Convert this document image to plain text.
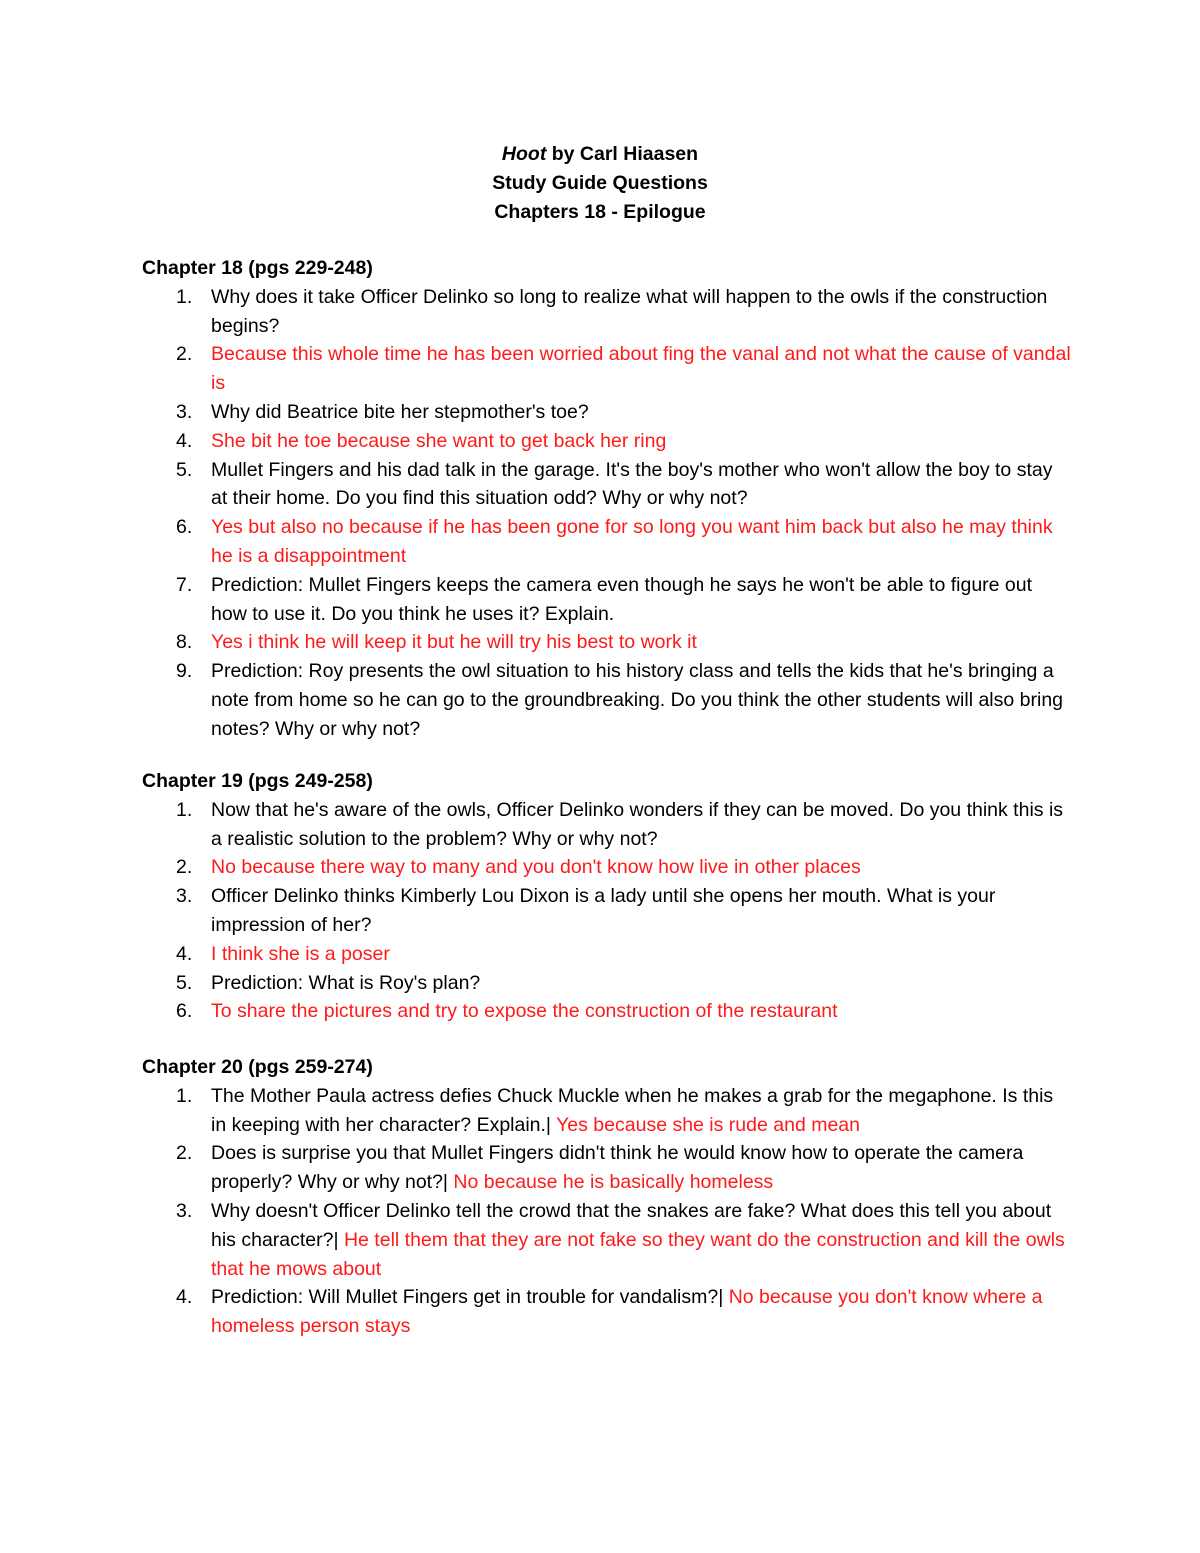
Hoot by Carl Hiaasen
Study Guide Questions
Chapters 18 - Epilogue
Chapter 18 (pgs 229-248)
1. Why does it take Officer Delinko so long to realize what will happen to the owls if the construction begins?
2. Because this whole time he has been worried about fing the vanal and not what the cause of vandal is
3. Why did Beatrice bite her stepmother's toe?
4. She bit he toe because she want to get back her ring
5. Mullet Fingers and his dad talk in the garage. It's the boy's mother who won't allow the boy to stay at their home. Do you find this situation odd? Why or why not?
6. Yes but also no because if he has been gone for so long you want him back but also he may think he is a disappointment
7. Prediction: Mullet Fingers keeps the camera even though he says he won't be able to figure out how to use it. Do you think he uses it? Explain.
8. Yes i think he will keep it but he will try his best to work it
9. Prediction: Roy presents the owl situation to his history class and tells the kids that he's bringing a note from home so he can go to the groundbreaking. Do you think the other students will also bring notes? Why or why not?
Chapter 19 (pgs 249-258)
1. Now that he's aware of the owls, Officer Delinko wonders if they can be moved. Do you think this is a realistic solution to the problem? Why or why not?
2. No because there way to many and you don't know how live in other places
3. Officer Delinko thinks Kimberly Lou Dixon is a lady until she opens her mouth. What is your impression of her?
4. I think she is a poser
5. Prediction: What is Roy's plan?
6. To share the pictures and try to expose the construction of the restaurant
Chapter 20 (pgs 259-274)
1. The Mother Paula actress defies Chuck Muckle when he makes a grab for the megaphone. Is this in keeping with her character? Explain.| Yes because she is rude and mean
2. Does is surprise you that Mullet Fingers didn't think he would know how to operate the camera properly? Why or why not?| No because he is basically homeless
3. Why doesn't Officer Delinko tell the crowd that the snakes are fake? What does this tell you about his character?| He tell them that they are not fake so they want do the construction and kill the owls that he mows about
4. Prediction: Will Mullet Fingers get in trouble for vandalism?| No because you don't know where a homeless person stays
